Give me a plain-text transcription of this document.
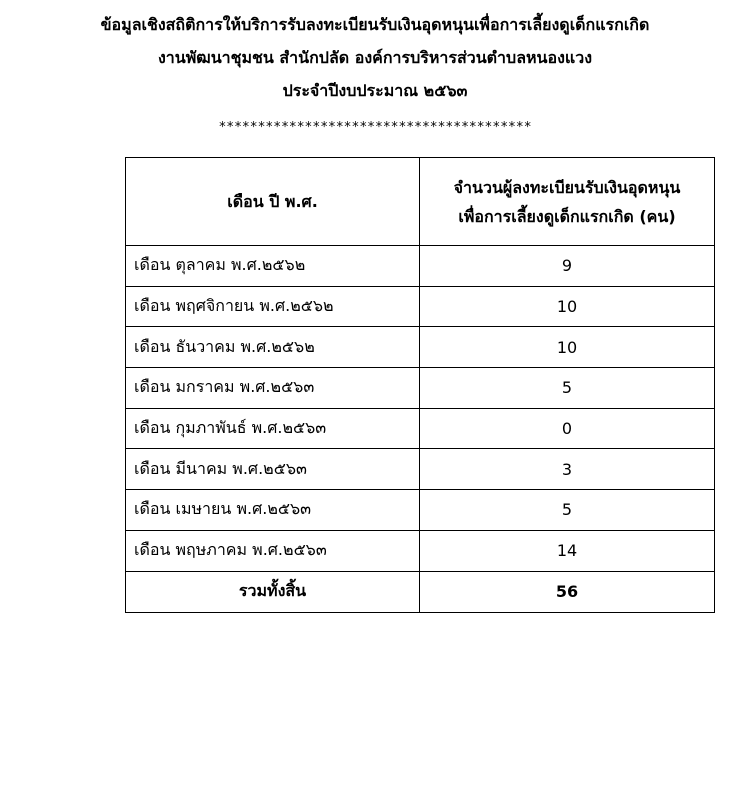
ข้อมูลเชิงสถิติการให้บริการรับลงทะเบียนรับเงินอุดหนุนเพื่อการเลี้ยงดูเด็กแรกเกิด
งานพัฒนาชุมชน สำนักปลัด องค์การบริหารส่วนตำบลหนองแวง
ประจำปีงบประมาณ ๒๕๖๓
****************************************
เดือน ปี พ.ศ.	จำนวนผู้ลงทะเบียนรับเงินอุดหนุน
เพื่อการเลี้ยงดูเด็กแรกเกิด (คน)

เดือน ตุลาคม พ.ศ.๒๕๖๒	9
เดือน พฤศจิกายน พ.ศ.๒๕๖๒	10
เดือน ธันวาคม พ.ศ.๒๕๖๒	10
เดือน มกราคม พ.ศ.๒๕๖๓	5
เดือน กุมภาพันธ์ พ.ศ.๒๕๖๓	0
เดือน มีนาคม พ.ศ.๒๕๖๓	3
เดือน เมษายน พ.ศ.๒๕๖๓	5
เดือน พฤษภาคม พ.ศ.๒๕๖๓	14
รวมทั้งสิ้น	56
